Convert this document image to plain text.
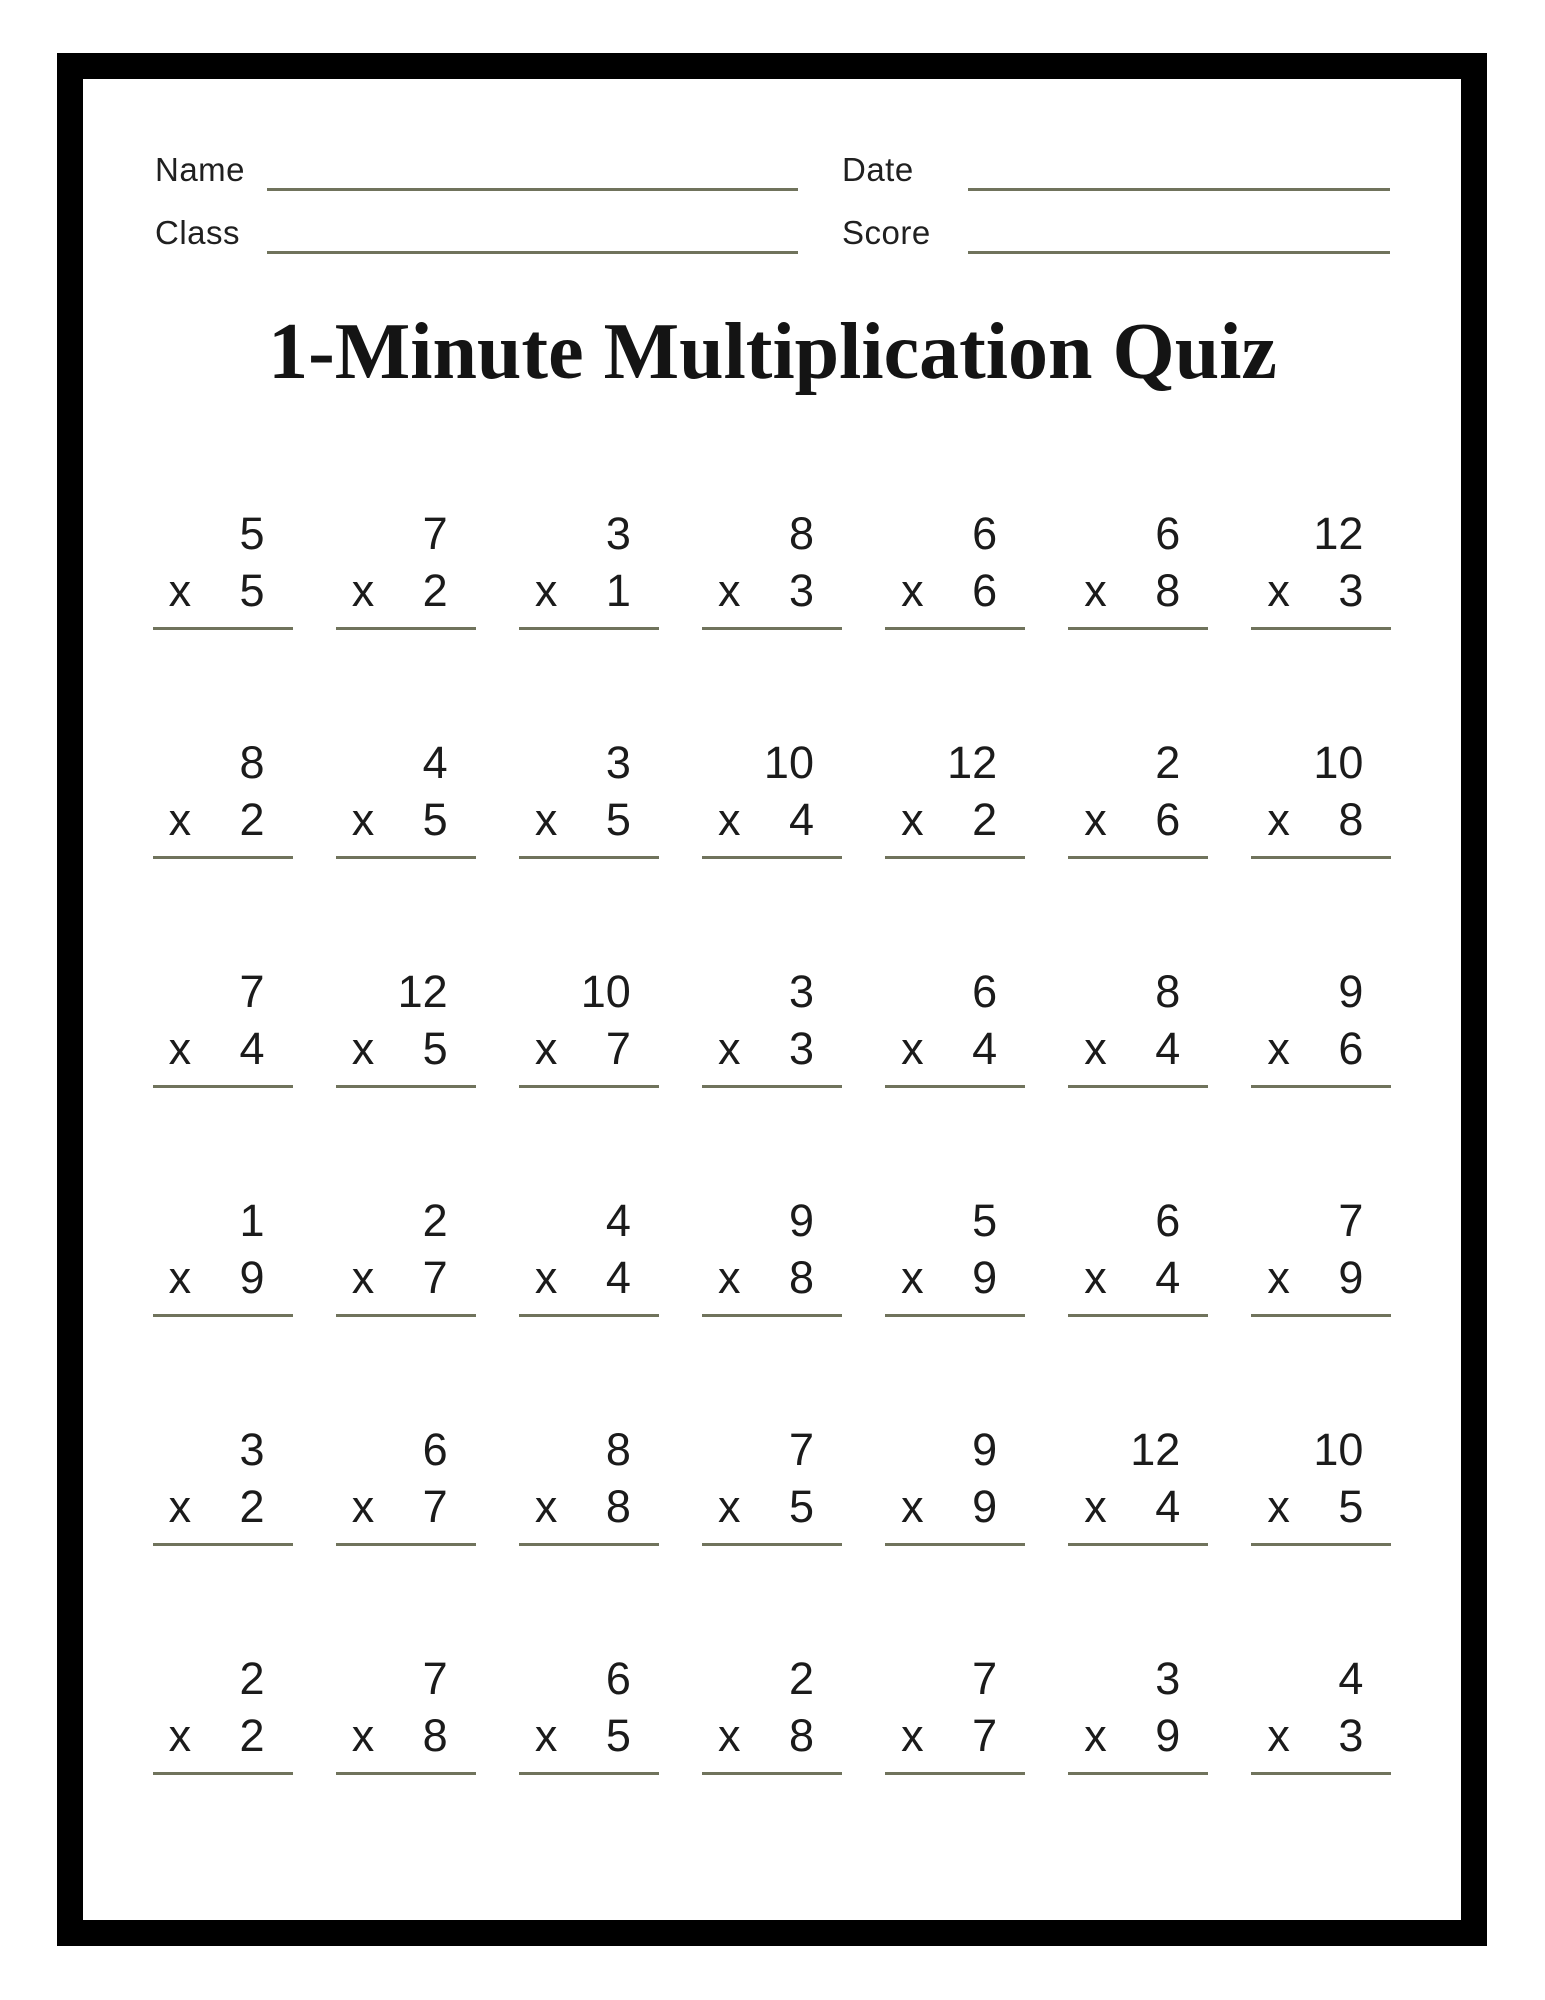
Name	Date
Class	Score
1-Minute Multiplication Quiz
5
x 5
7
x 2
3
x 1
8
x 3
6
x 6
6
x 8
12
x 3
8
x 2
4
x 5
3
x 5
10
x 4
12
x 2
2
x 6
10
x 8
7
x 4
12
x 5
10
x 7
3
x 3
6
x 4
8
x 4
9
x 6
1
x 9
2
x 7
4
x 4
9
x 8
5
x 9
6
x 4
7
x 9
3
x 2
6
x 7
8
x 8
7
x 5
9
x 9
12
x 4
10
x 5
2
x 2
7
x 8
6
x 5
2
x 8
7
x 7
3
x 9
4
x 3
